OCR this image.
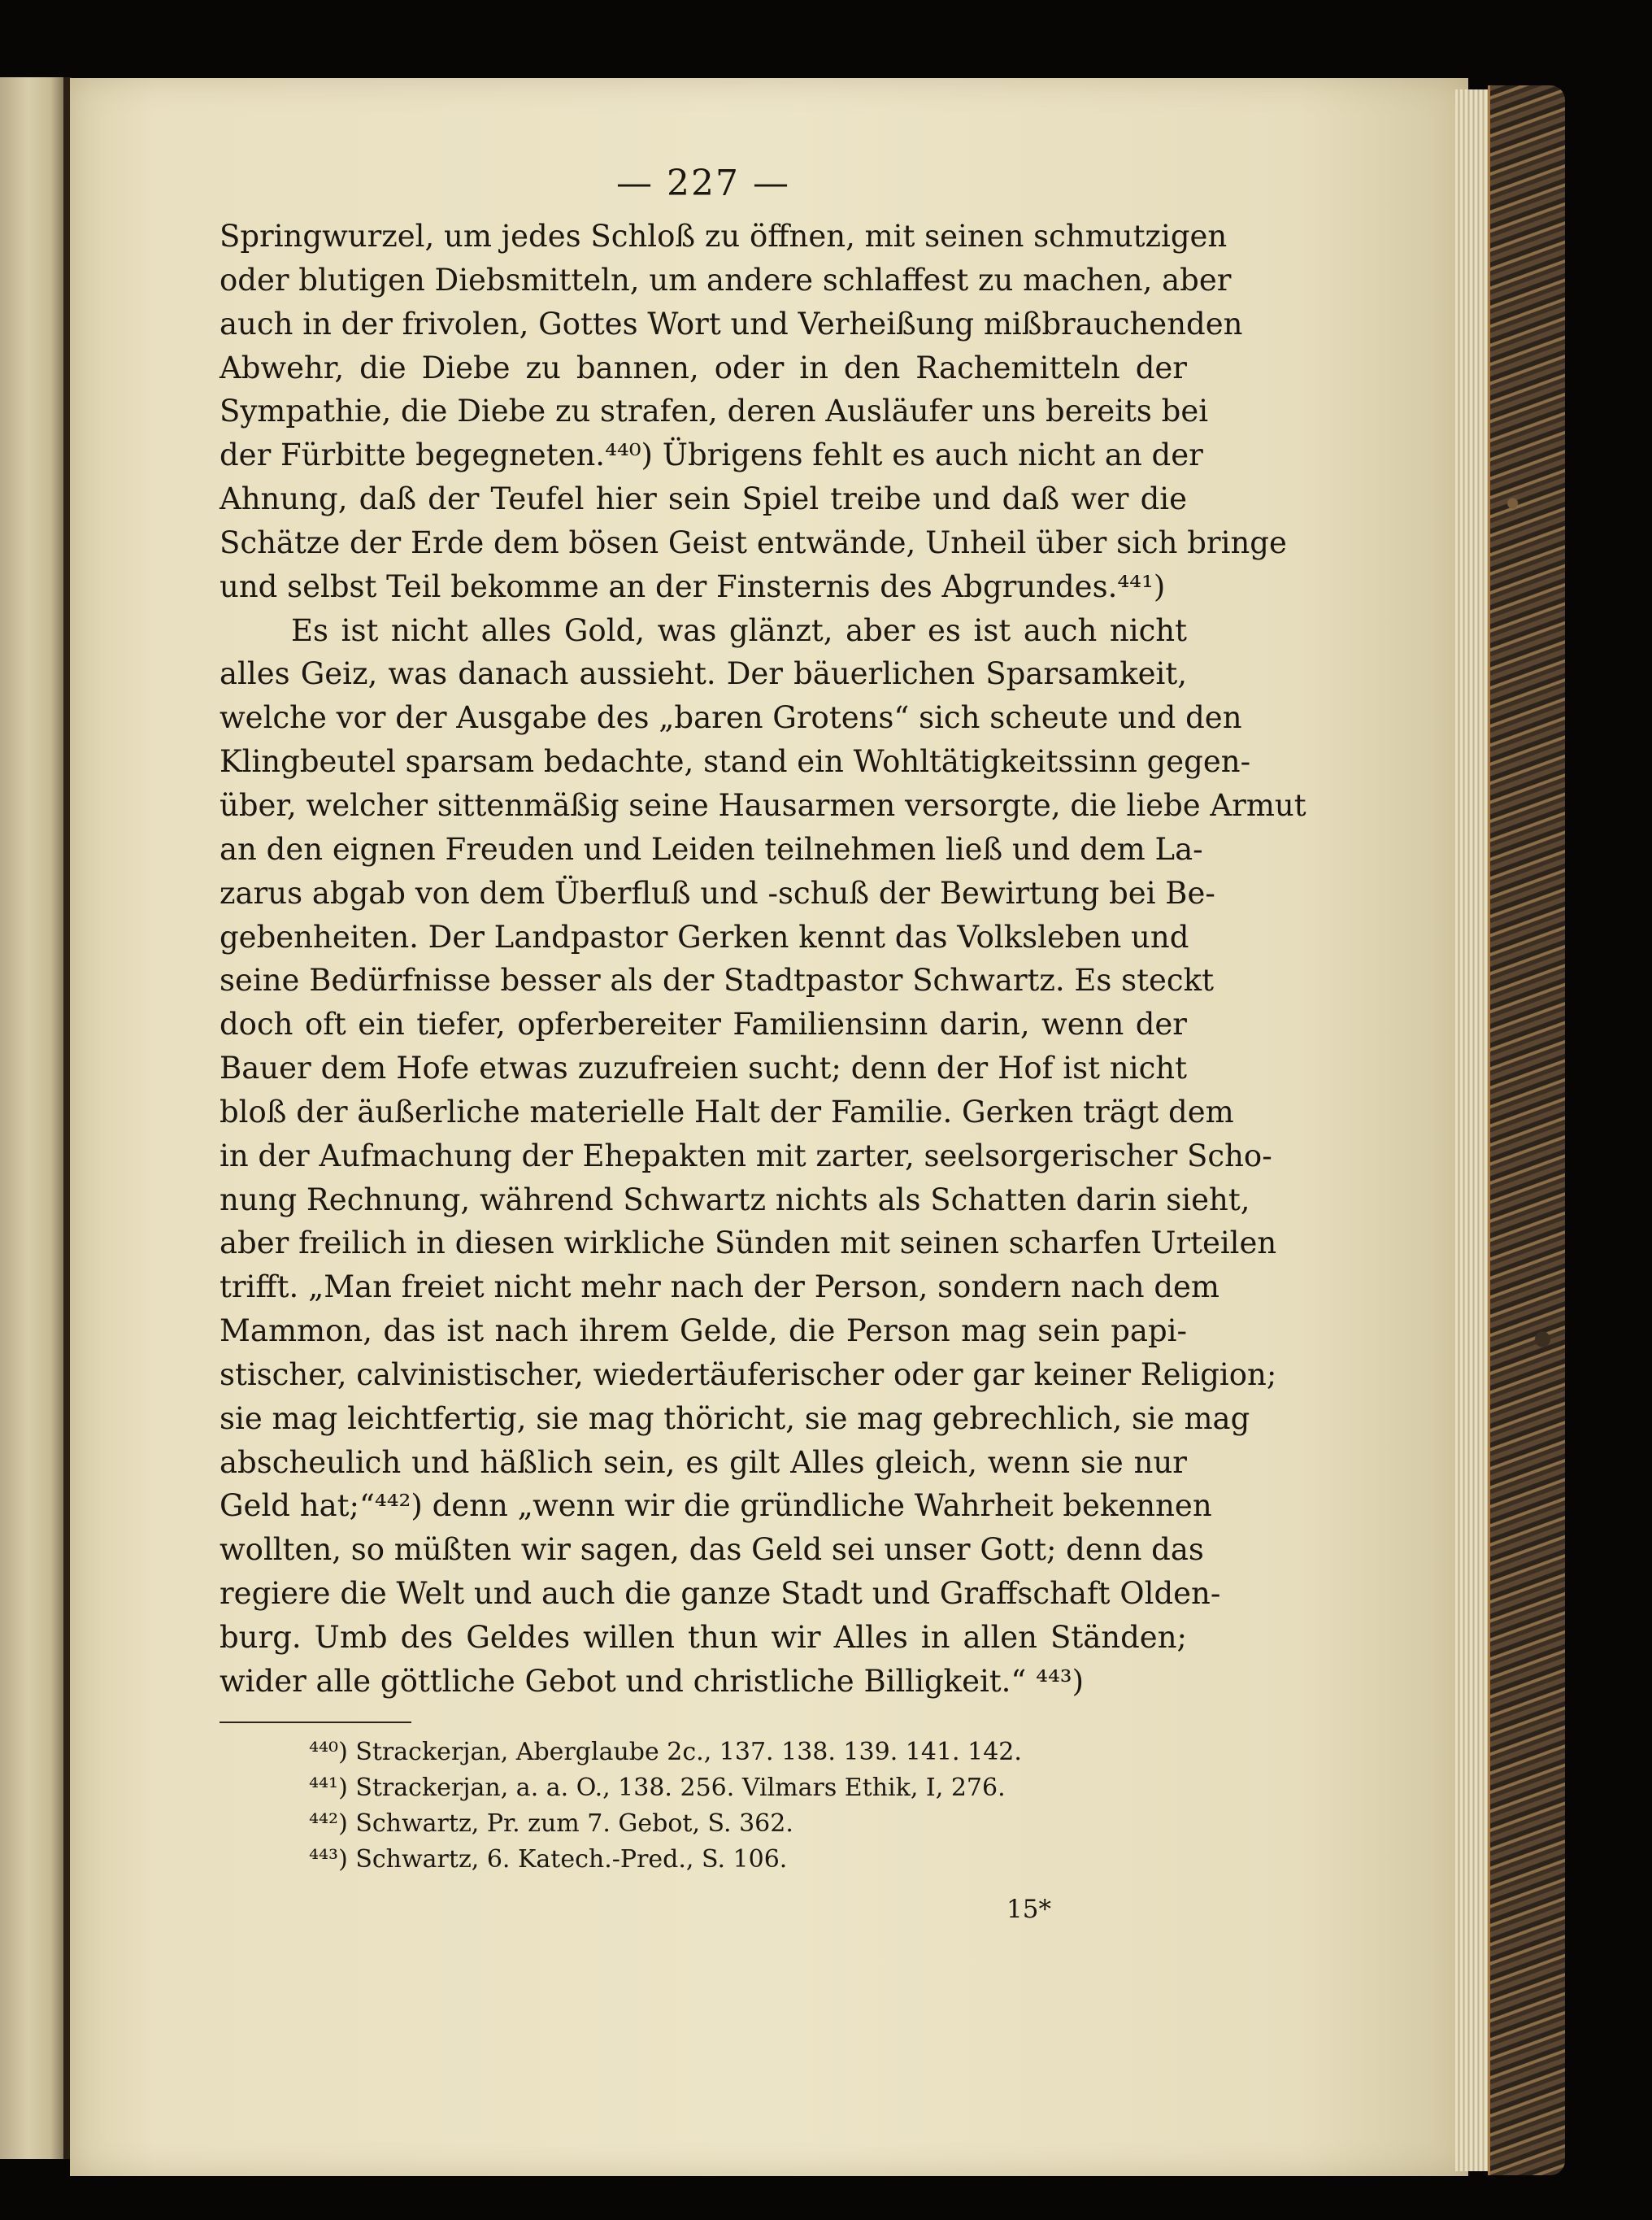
— 227 —
Springwurzel, um jedes Schloß zu öffnen, mit seinen schmutzigen
oder blutigen Diebsmitteln, um andere schlaffest zu machen, aber
auch in der frivolen, Gottes Wort und Verheißung mißbrauchenden
Abwehr, die Diebe zu bannen, oder in den Rachemitteln der
Sympathie, die Diebe zu strafen, deren Ausläufer uns bereits bei
der Fürbitte begegneten.⁴⁴⁰) Übrigens fehlt es auch nicht an der
Ahnung, daß der Teufel hier sein Spiel treibe und daß wer die
Schätze der Erde dem bösen Geist entwände, Unheil über sich bringe
und selbst Teil bekomme an der Finsternis des Abgrundes.⁴⁴¹)
Es ist nicht alles Gold, was glänzt, aber es ist auch nicht
alles Geiz, was danach aussieht. Der bäuerlichen Sparsamkeit,
welche vor der Ausgabe des „baren Grotens“ sich scheute und den
Klingbeutel sparsam bedachte, stand ein Wohltätigkeitssinn gegen-
über, welcher sittenmäßig seine Hausarmen versorgte, die liebe Armut
an den eignen Freuden und Leiden teilnehmen ließ und dem La-
zarus abgab von dem Überfluß und -schuß der Bewirtung bei Be-
gebenheiten. Der Landpastor Gerken kennt das Volksleben und
seine Bedürfnisse besser als der Stadtpastor Schwartz. Es steckt
doch oft ein tiefer, opferbereiter Familiensinn darin, wenn der
Bauer dem Hofe etwas zuzufreien sucht; denn der Hof ist nicht
bloß der äußerliche materielle Halt der Familie. Gerken trägt dem
in der Aufmachung der Ehepakten mit zarter, seelsorgerischer Scho-
nung Rechnung, während Schwartz nichts als Schatten darin sieht,
aber freilich in diesen wirkliche Sünden mit seinen scharfen Urteilen
trifft. „Man freiet nicht mehr nach der Person, sondern nach dem
Mammon, das ist nach ihrem Gelde, die Person mag sein papi-
stischer, calvinistischer, wiedertäuferischer oder gar keiner Religion;
sie mag leichtfertig, sie mag thöricht, sie mag gebrechlich, sie mag
abscheulich und häßlich sein, es gilt Alles gleich, wenn sie nur
Geld hat;“⁴⁴²) denn „wenn wir die gründliche Wahrheit bekennen
wollten, so müßten wir sagen, das Geld sei unser Gott; denn das
regiere die Welt und auch die ganze Stadt und Graffschaft Olden-
burg. Umb des Geldes willen thun wir Alles in allen Ständen;
wider alle göttliche Gebot und christliche Billigkeit.“ ⁴⁴³)
⁴⁴⁰) Strackerjan, Aberglaube 2c., 137. 138. 139. 141. 142.
⁴⁴¹) Strackerjan, a. a. O., 138. 256. Vilmars Ethik, I, 276.
⁴⁴²) Schwartz, Pr. zum 7. Gebot, S. 362.
⁴⁴³) Schwartz, 6. Katech.-Pred., S. 106.
15*
